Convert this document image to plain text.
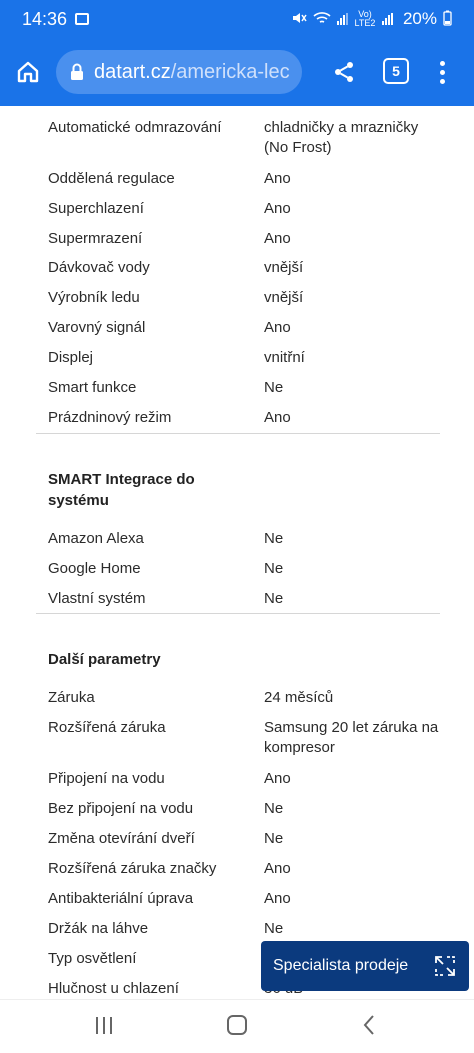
14:36	Vo) LTE2 20%
datart.cz /americka-lec	5
Automatické odmrazování	chladničky a mrazničky (No Frost)
Oddělená regulace	Ano
Superchlazení	Ano
Supermrazení	Ano
Dávkovač vody	vnější
Výrobník ledu	vnější
Varovný signál	Ano
Displej	vnitřní
Smart funkce	Ne
Prázdninový režim	Ano
SMART Integrace do systému
Amazon Alexa	Ne
Google Home	Ne
Vlastní systém	Ne
Další parametry
Záruka	24 měsíců
Rozšířená záruka	Samsung 20 let záruka na kompresor
Připojení na vodu	Ano
Bez připojení na vodu	Ne
Změna otevírání dveří	Ne
Rozšířená záruka značky	Ano
Antibakteriální úprava	Ano
Držák na láhve	Ne
Typ osvětlení
Hlučnost u chlazení
Specialista prodeje
